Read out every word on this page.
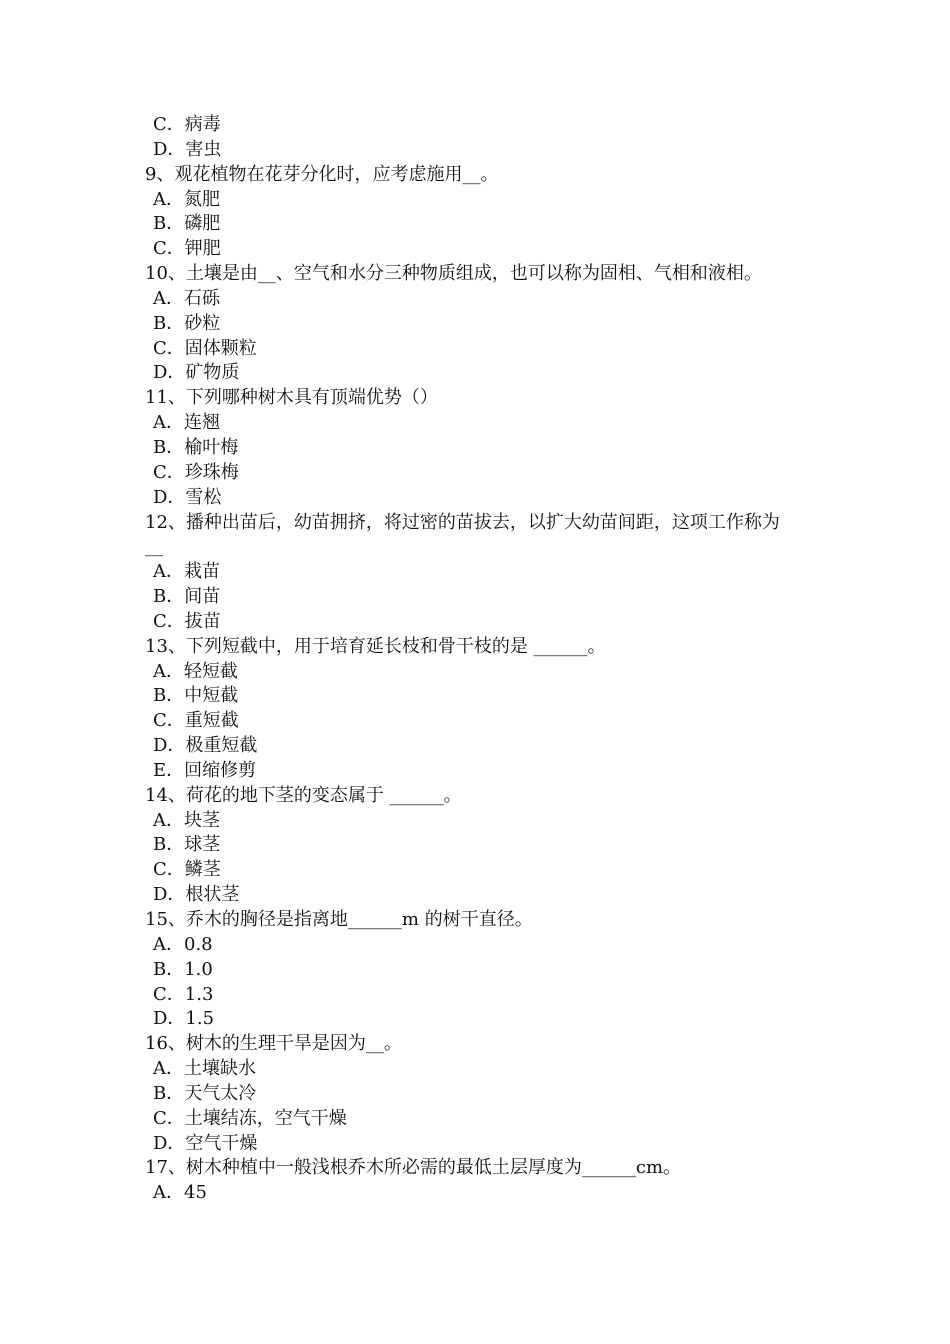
C．病毒
D．害虫
9、观花植物在花芽分化时，应考虑施用__。
A．氮肥
B．磷肥
C．钾肥
10、土壤是由__、空气和水分三种物质组成，也可以称为固相、气相和液相。
A．石砾
B．砂粒
C．固体颗粒
D．矿物质
11、下列哪种树木具有顶端优势（）
A．连翘
B．榆叶梅
C．珍珠梅
D．雪松
12、播种出苗后，幼苗拥挤，将过密的苗拔去，以扩大幼苗间距，这项工作称为
__
A．栽苗
B．间苗
C．拔苗
13、下列短截中，用于培育延长枝和骨干枝的是 ______。
A．轻短截
B．中短截
C．重短截
D．极重短截
E．回缩修剪
14、荷花的地下茎的变态属于 ______。
A．块茎
B．球茎
C．鳞茎
D．根状茎
15、乔木的胸径是指离地______m 的树干直径。
A．0.8
B．1.0
C．1.3
D．1.5
16、树木的生理干旱是因为__。
A．土壤缺水
B．天气太冷
C．土壤结冻，空气干燥
D．空气干燥
17、树木种植中一般浅根乔木所必需的最低土层厚度为______cm。
A．45
